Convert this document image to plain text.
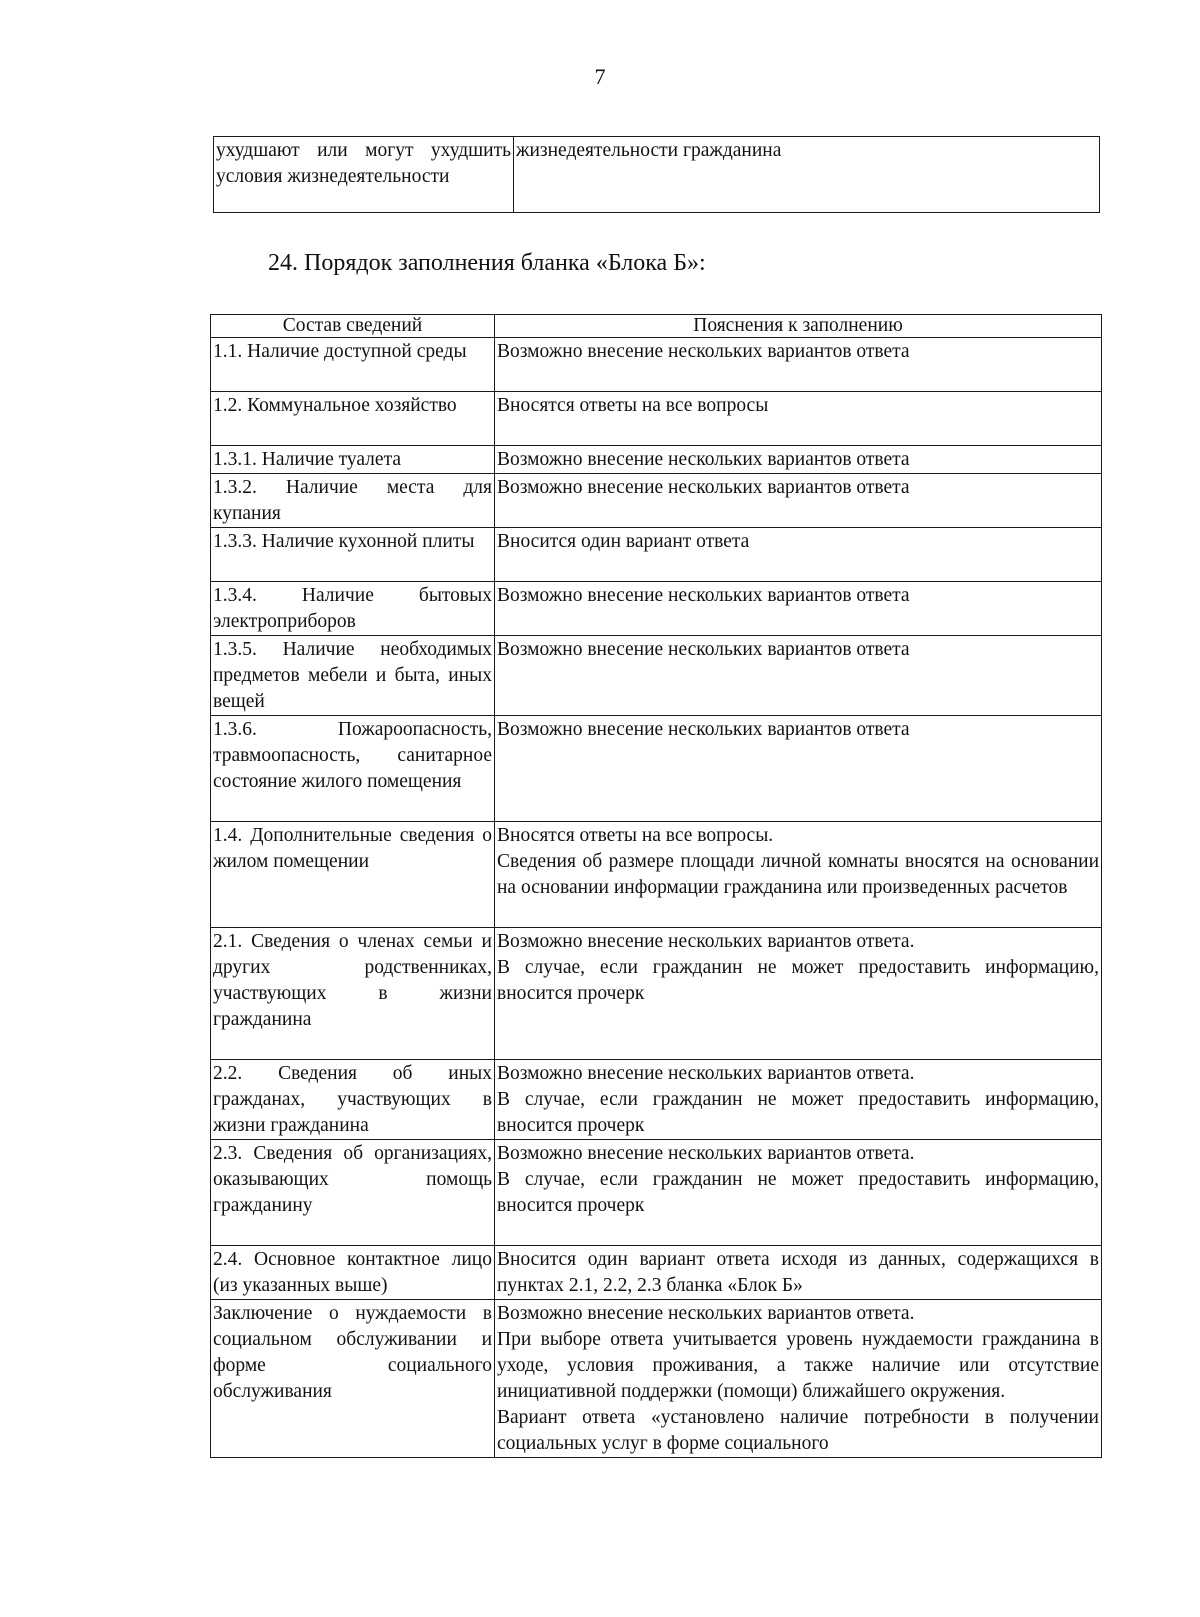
7
ухудшают или могут ухудшить условия жизнедеятельности	жизнедеятельности гражданина
24. Порядок заполнения бланка «Блока Б»:
Состав сведений	Пояснения к заполнению
1.1. Наличие доступной среды	Возможно внесение нескольких вариантов ответа

1.2. Коммунальное хозяйство	Вносятся ответы на все вопросы

1.3.1. Наличие туалета	Возможно внесение нескольких вариантов ответа

1.3.2. Наличие места для купания	Возможно внесение нескольких вариантов ответа

1.3.3. Наличие кухонной плиты	Вносится один вариант ответа

1.3.4. Наличие бытовых электроприборов	Возможно внесение нескольких вариантов ответа

1.3.5. Наличие необходимых предметов мебели и быта, иных вещей	Возможно внесение нескольких вариантов ответа

1.3.6. Пожароопасность, травмоопасность, санитарное состояние жилого помещения	Возможно внесение нескольких вариантов ответа

1.4. Дополнительные сведения о жилом помещении	Вносятся ответы на все вопросы.
Сведения об размере площади личной комнаты вносятся на основании на основании информации гражданина или произведенных расчетов

2.1. Сведения о членах семьи и других родственниках, участвующих в жизни гражданина	Возможно внесение нескольких вариантов ответа.
В случае, если гражданин не может предоставить информацию, вносится прочерк

2.2. Сведения об иных гражданах, участвующих в жизни гражданина	Возможно внесение нескольких вариантов ответа.
В случае, если гражданин не может предоставить информацию, вносится прочерк

2.3. Сведения об организациях, оказывающих помощь гражданину	Возможно внесение нескольких вариантов ответа.
В случае, если гражданин не может предоставить информацию, вносится прочерк

2.4. Основное контактное лицо (из указанных выше)	Вносится один вариант ответа исходя из данных, содержащихся в пунктах 2.1, 2.2, 2.3 бланка «Блок Б»

Заключение о нуждаемости в социальном обслуживании и форме социального обслуживания	Возможно внесение нескольких вариантов ответа.
При выборе ответа учитывается уровень нуждаемости гражданина в уходе, условия проживания, а также наличие или отсутствие инициативной поддержки (помощи) ближайшего окружения.
Вариант ответа «установлено наличие потребности в получении социальных услуг в форме социального
